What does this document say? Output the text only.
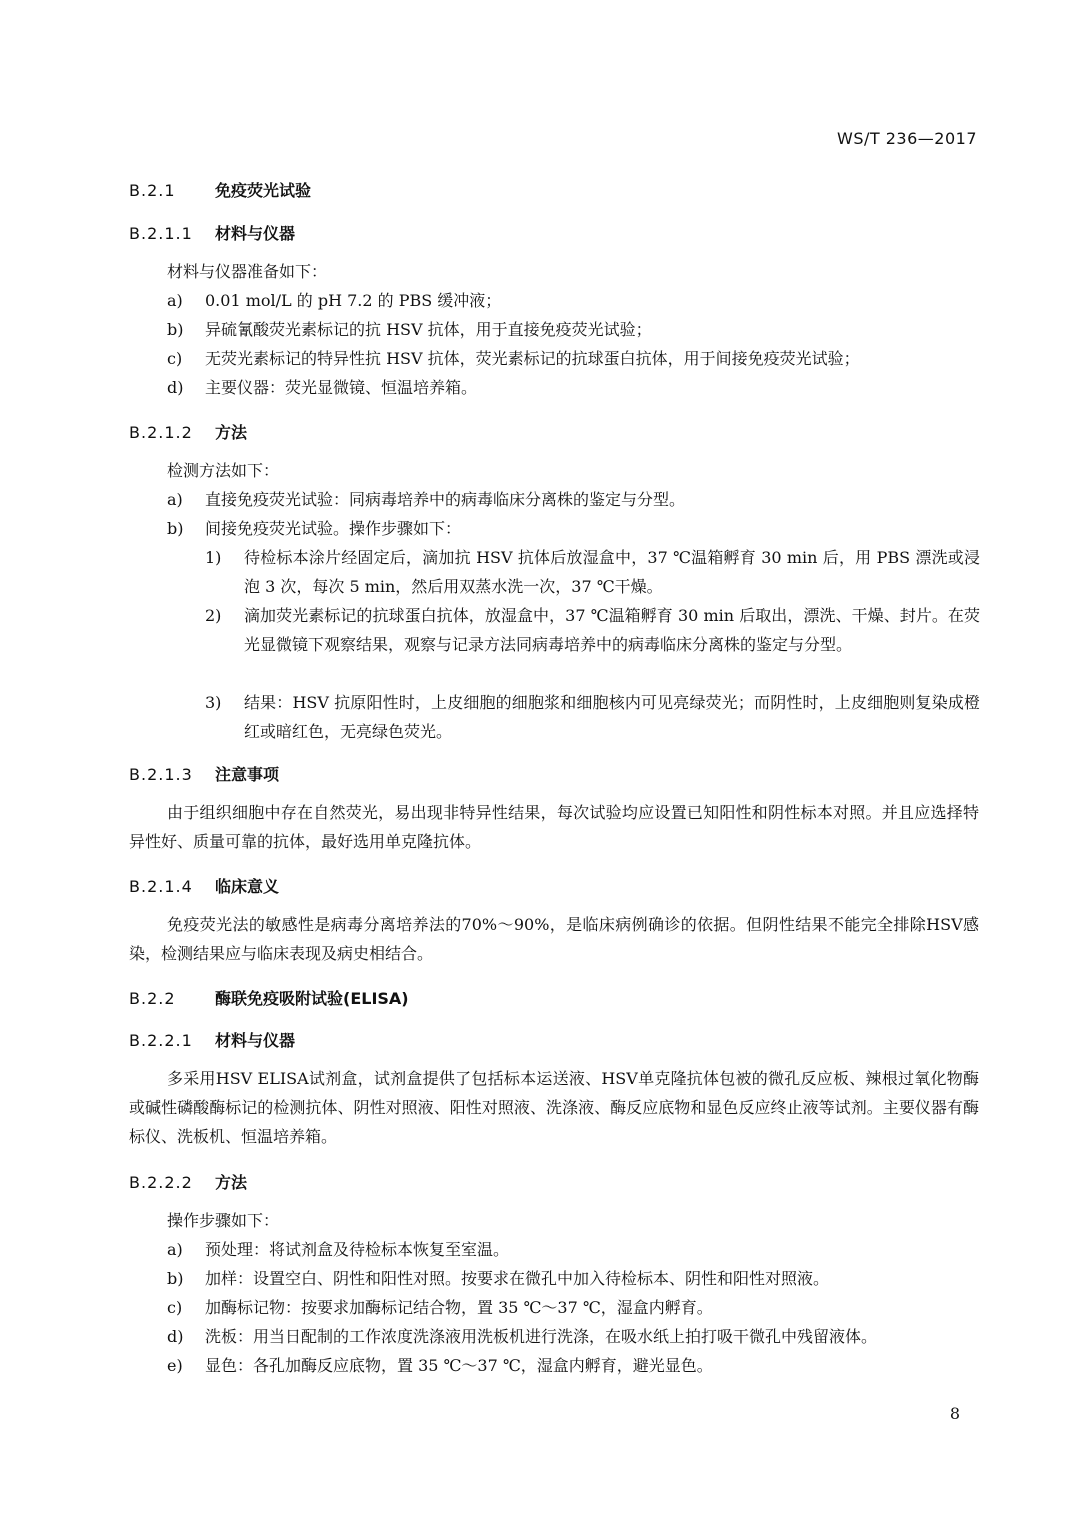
WS/T 236—2017
B.2.1 免疫荧光试验
B.2.1.1 材料与仪器
材料与仪器准备如下：
a) 0.01 mol/L 的 pH 7.2 的 PBS 缓冲液；
b) 异硫氰酸荧光素标记的抗 HSV 抗体，用于直接免疫荧光试验；
c) 无荧光素标记的特异性抗 HSV 抗体，荧光素标记的抗球蛋白抗体，用于间接免疫荧光试验；
d) 主要仪器：荧光显微镜、恒温培养箱。
B.2.1.2 方法
检测方法如下：
a) 直接免疫荧光试验：同病毒培养中的病毒临床分离株的鉴定与分型。
b) 间接免疫荧光试验。操作步骤如下：
1) 待检标本涂片经固定后，滴加抗 HSV 抗体后放湿盒中，37 ℃温箱孵育 30 min 后，用 PBS 漂洗或浸泡 3 次，每次 5 min，然后用双蒸水洗一次，37 ℃干燥。
2) 滴加荧光素标记的抗球蛋白抗体，放湿盒中，37 ℃温箱孵育 30 min 后取出，漂洗、干燥、封片。在荧光显微镜下观察结果，观察与记录方法同病毒培养中的病毒临床分离株的鉴定与分型。
3) 结果：HSV 抗原阳性时，上皮细胞的细胞浆和细胞核内可见亮绿荧光；而阴性时，上皮细胞则复染成橙红或暗红色，无亮绿色荧光。
B.2.1.3 注意事项
由于组织细胞中存在自然荧光，易出现非特异性结果，每次试验均应设置已知阳性和阴性标本对照。并且应选择特异性好、质量可靠的抗体，最好选用单克隆抗体。
B.2.1.4 临床意义
免疫荧光法的敏感性是病毒分离培养法的70%～90%，是临床病例确诊的依据。但阴性结果不能完全排除HSV感染，检测结果应与临床表现及病史相结合。
B.2.2 酶联免疫吸附试验(ELISA)
B.2.2.1 材料与仪器
多采用HSV ELISA试剂盒，试剂盒提供了包括标本运送液、HSV单克隆抗体包被的微孔反应板、辣根过氧化物酶或碱性磷酸酶标记的检测抗体、阴性对照液、阳性对照液、洗涤液、酶反应底物和显色反应终止液等试剂。主要仪器有酶标仪、洗板机、恒温培养箱。
B.2.2.2 方法
操作步骤如下：
a) 预处理：将试剂盒及待检标本恢复至室温。
b) 加样：设置空白、阴性和阳性对照。按要求在微孔中加入待检标本、阴性和阳性对照液。
c) 加酶标记物：按要求加酶标记结合物，置 35 ℃～37 ℃，湿盒内孵育。
d) 洗板：用当日配制的工作浓度洗涤液用洗板机进行洗涤，在吸水纸上拍打吸干微孔中残留液体。
e) 显色：各孔加酶反应底物，置 35 ℃～37 ℃，湿盒内孵育，避光显色。
8
